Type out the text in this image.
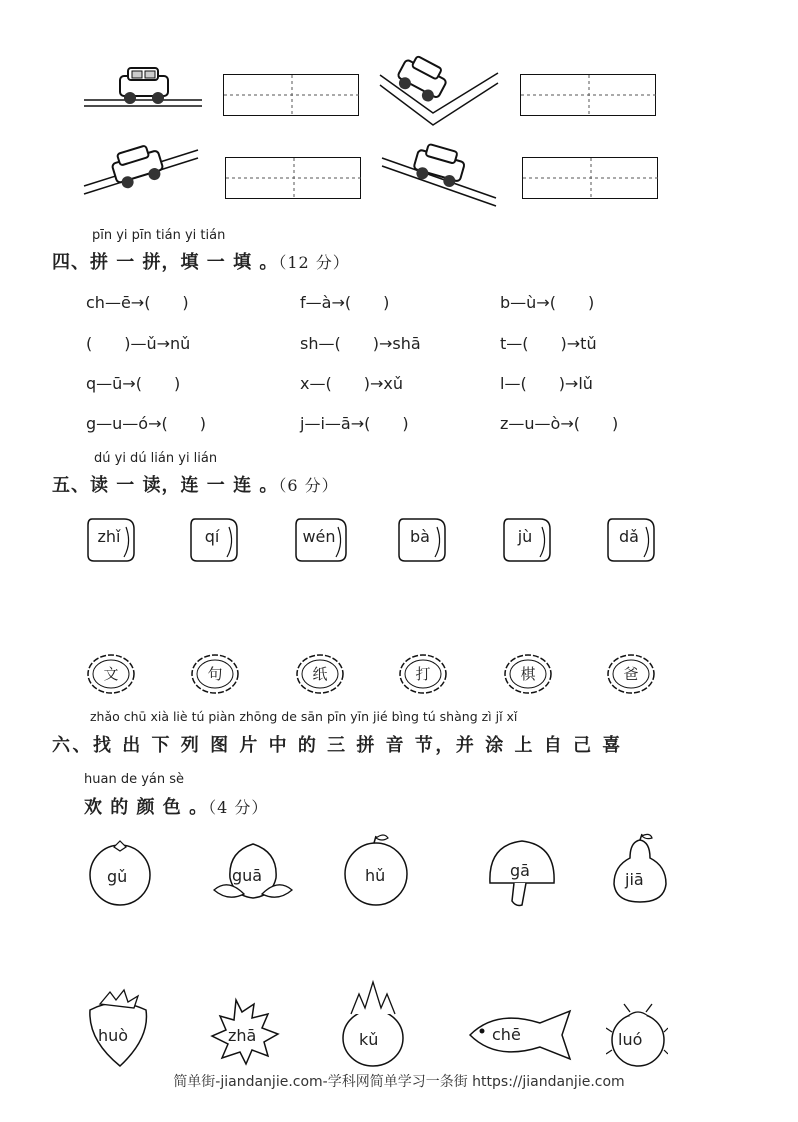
pīn yi pīn tián yi tián
四、拼 一 拼，填 一 填 。（12 分）
ch—ē→(　　)	f—à→(　　)	b—ù→(　　)
(　　)—ǔ→nǔ	sh—(　　)→shā	t—(　　)→tǔ
q—ū→(　　)	x—(　　)→xǔ	l—(　　)→lǔ
g—u—ó→(　　)	j—i—ā→(　　)	z—u—ò→(　　)
dú yi dú lián yi lián
五、读 一 读，连 一 连 。（6 分）
zhǐ	qí	wén	bà	jù	dǎ
文	句	纸	打	棋	爸
zhǎo chū xià liè tú piàn zhōng de sān pīn yīn jié bìng tú shàng zì jǐ xǐ
六、找 出 下 列 图 片 中 的 三 拼 音 节，并 涂 上 自 己 喜
huan de yán sè
欢 的 颜 色 。（4 分）
gǔ	guā	hǔ	gā	jiā
huò	zhā	kǔ	chē	luó
简单街-jiandanjie.com-学科网简单学习一条街 https://jiandanjie.com
